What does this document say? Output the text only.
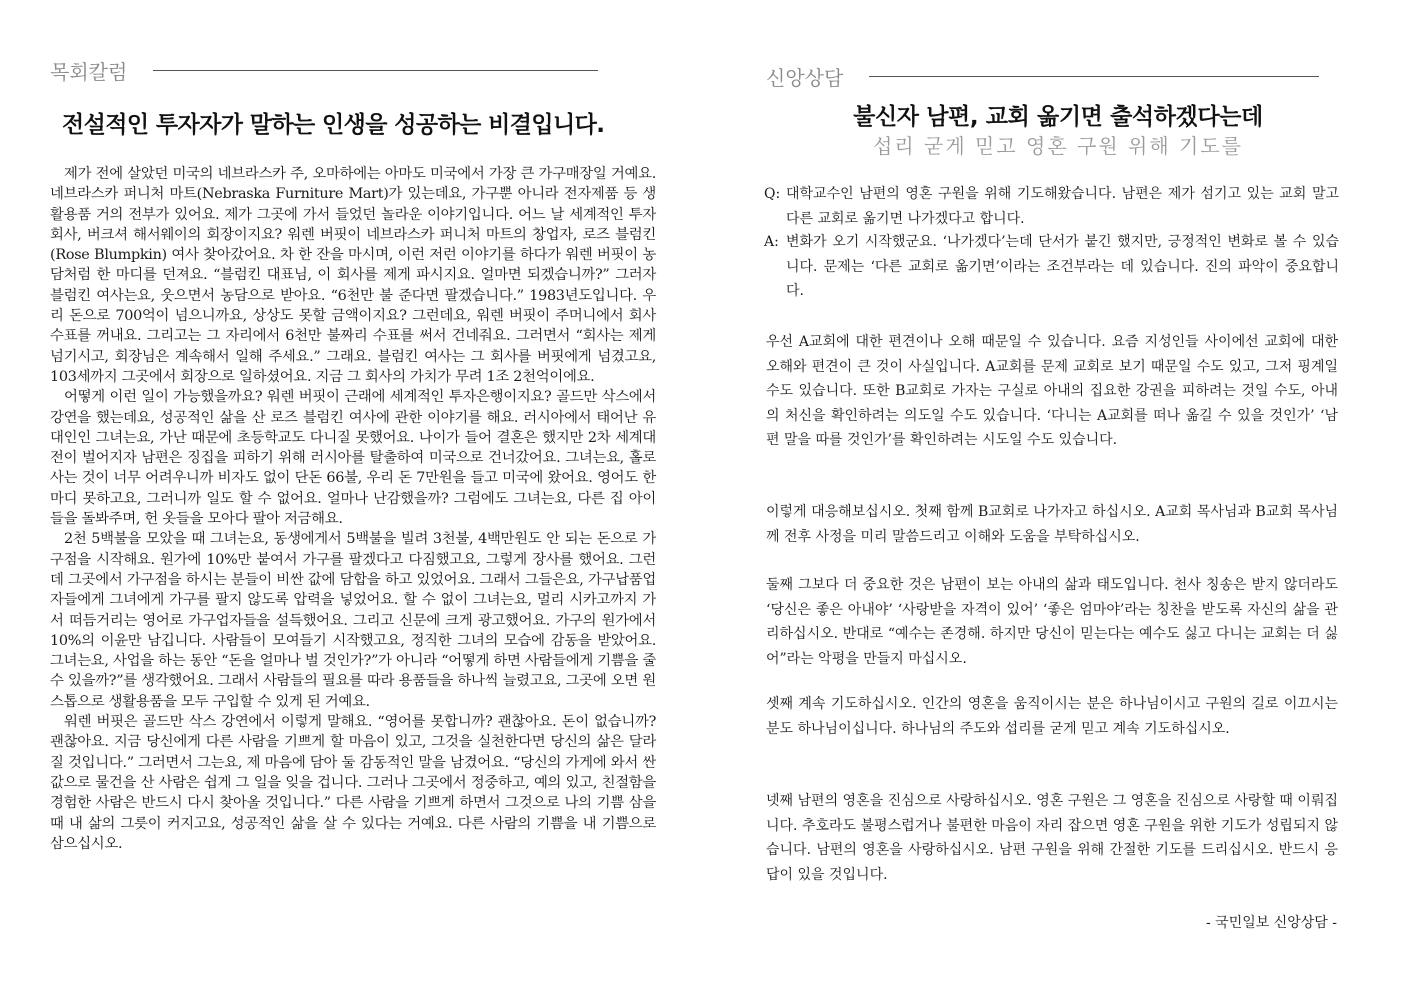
목회칼럼
전설적인 투자자가 말하는 인생을 성공하는 비결입니다.

제가 전에 살았던 미국의 네브라스카 주, 오마하에는 아마도 미국에서 가장 큰 가구매장일 거예요. 네브라스카 퍼니처 마트(Nebraska Furniture Mart)가 있는데요, 가구뿐 아니라 전자제품 등 생활용품 거의 전부가 있어요. 제가 그곳에 가서 들었던 놀라운 이야기입니다. 어느 날 세계적인 투자회사, 버크셔 해서웨이의 회장이지요? 워렌 버핏이 네브라스카 퍼니처 마트의 창업자, 로즈 블럼킨(Rose Blumpkin) 여사 찾아갔어요. 차 한 잔을 마시며, 이런 저런 이야기를 하다가 워렌 버핏이 농담처럼 한 마디를 던져요. “블럼킨 대표님, 이 회사를 제게 파시지요. 얼마면 되겠습니까?” 그러자 블럼킨 여사는요, 웃으면서 농담으로 받아요. “6천만 불 준다면 팔겠습니다.” 1983년도입니다. 우리 돈으로 700억이 넘으니까요, 상상도 못할 금액이지요? 그런데요, 워렌 버핏이 주머니에서 회사 수표를 꺼내요. 그리고는 그 자리에서 6천만 불짜리 수표를 써서 건네줘요. 그러면서 “회사는 제게 넘기시고, 회장님은 계속해서 일해 주세요.” 그래요. 블럼킨 여사는 그 회사를 버핏에게 넘겼고요, 103세까지 그곳에서 회장으로 일하셨어요. 지금 그 회사의 가치가 무려 1조 2천억이에요.

어떻게 이런 일이 가능했을까요? 워렌 버핏이 근래에 세계적인 투자은행이지요? 골드만 삭스에서 강연을 했는데요, 성공적인 삶을 산 로즈 블럼킨 여사에 관한 이야기를 해요. 러시아에서 태어난 유대인인 그녀는요, 가난 때문에 초등학교도 다니질 못했어요. 나이가 들어 결혼은 했지만 2차 세계대전이 벌어지자 남편은 징집을 피하기 위해 러시아를 탈출하여 미국으로 건너갔어요. 그녀는요, 홀로 사는 것이 너무 어려우니까 비자도 없이 단돈 66불, 우리 돈 7만원을 들고 미국에 왔어요. 영어도 한 마디 못하고요, 그러니까 일도 할 수 없어요. 얼마나 난감했을까? 그럼에도 그녀는요, 다른 집 아이들을 돌봐주며, 헌 옷들을 모아다 팔아 저금해요.

2천 5백불을 모았을 때 그녀는요, 동생에게서 5백불을 빌려 3천불, 4백만원도 안 되는 돈으로 가구점을 시작해요. 원가에 10%만 붙여서 가구를 팔겠다고 다짐했고요, 그렇게 장사를 했어요. 그런데 그곳에서 가구점을 하시는 분들이 비싼 값에 담합을 하고 있었어요. 그래서 그들은요, 가구납품업자들에게 그녀에게 가구를 팔지 않도록 압력을 넣었어요. 할 수 없이 그녀는요, 멀리 시카고까지 가서 떠듬거리는 영어로 가구업자들을 설득했어요. 그리고 신문에 크게 광고했어요. 가구의 원가에서 10%의 이윤만 남깁니다. 사람들이 모여들기 시작했고요, 정직한 그녀의 모습에 감동을 받았어요. 그녀는요, 사업을 하는 동안 “돈을 얼마나 벌 것인가?”가 아니라 “어떻게 하면 사람들에게 기쁨을 줄 수 있을까?”를 생각했어요. 그래서 사람들의 필요를 따라 용품들을 하나씩 늘렸고요, 그곳에 오면 원스톱으로 생활용품을 모두 구입할 수 있게 된 거예요.

워렌 버핏은 골드만 삭스 강연에서 이렇게 말해요. “영어를 못합니까? 괜찮아요. 돈이 없습니까? 괜찮아요. 지금 당신에게 다른 사람을 기쁘게 할 마음이 있고, 그것을 실천한다면 당신의 삶은 달라질 것입니다.” 그러면서 그는요, 제 마음에 담아 둘 감동적인 말을 남겼어요. “당신의 가게에 와서 싼 값으로 물건을 산 사람은 쉽게 그 일을 잊을 겁니다. 그러나 그곳에서 정중하고, 예의 있고, 친절함을 경험한 사람은 반드시 다시 찾아올 것입니다.” 다른 사람을 기쁘게 하면서 그것으로 나의 기쁨 삼을 때 내 삶의 그릇이 커지고요, 성공적인 삶을 살 수 있다는 거예요. 다른 사람의 기쁨을 내 기쁨으로 삼으십시오.

신앙상담
불신자 남편, 교회 옮기면 출석하겠다는데
섭리 굳게 믿고 영혼 구원 위해 기도를
Q: 대학교수인 남편의 영혼 구원을 위해 기도해왔습니다. 남편은 제가 섬기고 있는 교회 말고 다른 교회로 옮기면 나가겠다고 합니다.
A: 변화가 오기 시작했군요. ‘나가겠다’는데 단서가 붙긴 했지만, 긍정적인 변화로 볼 수 있습니다. 문제는 ‘다른 교회로 옮기면’이라는 조건부라는 데 있습니다. 진의 파악이 중요합니다.
우선 A교회에 대한 편견이나 오해 때문일 수 있습니다. 요즘 지성인들 사이에선 교회에 대한 오해와 편견이 큰 것이 사실입니다. A교회를 문제 교회로 보기 때문일 수도 있고, 그저 핑계일 수도 있습니다. 또한 B교회로 가자는 구실로 아내의 집요한 강권을 피하려는 것일 수도, 아내의 처신을 확인하려는 의도일 수도 있습니다. ‘다니는 A교회를 떠나 옮길 수 있을 것인가’ ‘남편 말을 따를 것인가’를 확인하려는 시도일 수도 있습니다.
이렇게 대응해보십시오. 첫째 함께 B교회로 나가자고 하십시오. A교회 목사님과 B교회 목사님께 전후 사정을 미리 말씀드리고 이해와 도움을 부탁하십시오.
둘째 그보다 더 중요한 것은 남편이 보는 아내의 삶과 태도입니다. 천사 칭송은 받지 않더라도 ‘당신은 좋은 아내야’ ‘사랑받을 자격이 있어’ ‘좋은 엄마야’라는 칭찬을 받도록 자신의 삶을 관리하십시오. 반대로 “예수는 존경해. 하지만 당신이 믿는다는 예수도 싫고 다니는 교회는 더 싫어”라는 악평을 만들지 마십시오.
셋째 계속 기도하십시오. 인간의 영혼을 움직이시는 분은 하나님이시고 구원의 길로 이끄시는 분도 하나님이십니다. 하나님의 주도와 섭리를 굳게 믿고 계속 기도하십시오.
넷째 남편의 영혼을 진심으로 사랑하십시오. 영혼 구원은 그 영혼을 진심으로 사랑할 때 이뤄집니다. 추호라도 불평스럽거나 불편한 마음이 자리 잡으면 영혼 구원을 위한 기도가 성립되지 않습니다. 남편의 영혼을 사랑하십시오. 남편 구원을 위해 간절한 기도를 드리십시오. 반드시 응답이 있을 것입니다.
- 국민일보 신앙상담 -
